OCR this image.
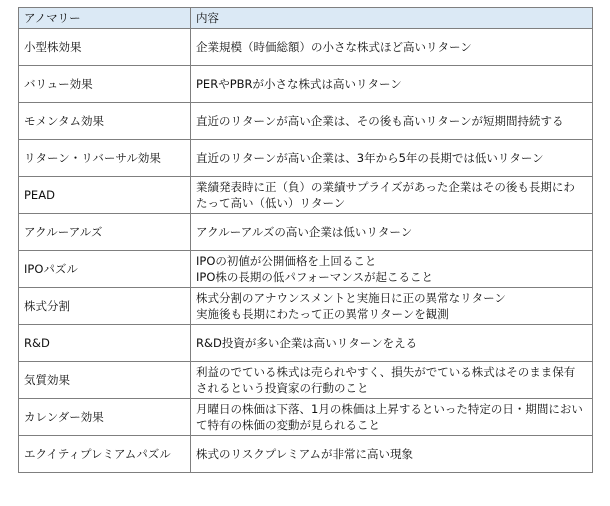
アノマリー	内容
小型株効果	企業規模（時価総額）の小さな株式ほど高いリターン

バリュー効果	PERやPBRが小さな株式は高いリターン

モメンタム効果	直近のリターンが高い企業は、その後も高いリターンが短期間持続する

リターン・リバーサル効果	直近のリターンが高い企業は、3年から5年の長期では低いリターン

PEAD	業績発表時に正（負）の業績サプライズがあった企業はその後も長期にわ
たって高い（低い）リターン

アクルーアルズ	アクルーアルズの高い企業は低いリターン

IPOパズル	IPOの初値が公開価格を上回ること
IPO株の長期の低パフォーマンスが起こること

株式分割	株式分割のアナウンスメントと実施日に正の異常なリターン
実施後も長期にわたって正の異常リターンを観測

R&D	R&D投資が多い企業は高いリターンをえる

気質効果	利益のでている株式は売られやすく、損失がでている株式はそのまま保有
されるという投資家の行動のこと

カレンダー効果	月曜日の株価は下落、1月の株価は上昇するといった特定の日・期間におい
て特有の株価の変動が見られること

エクイティプレミアムパズル	株式のリスクプレミアムが非常に高い現象
